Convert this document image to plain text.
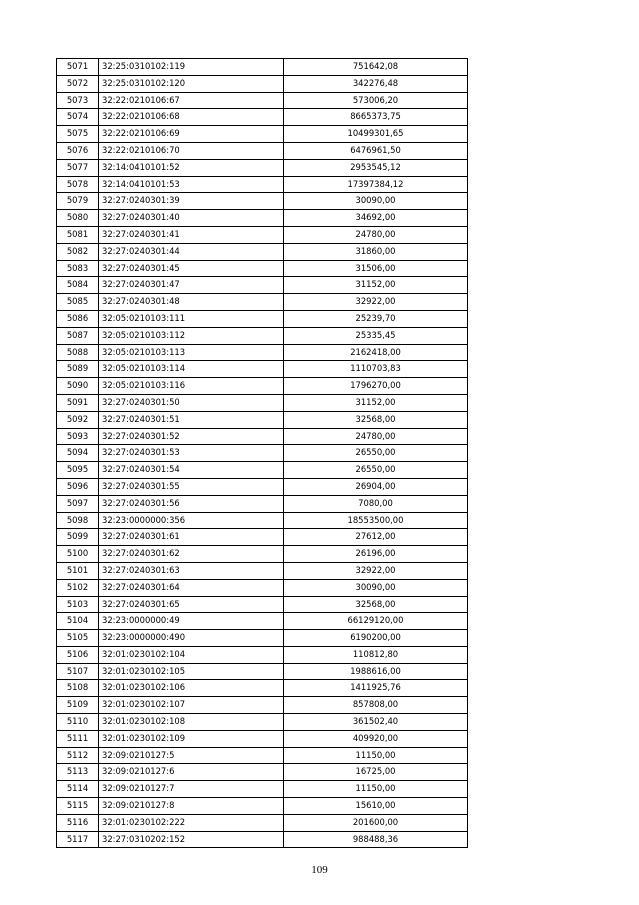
5071	32:25:0310102:119	751642,08
5072	32:25:0310102:120	342276,48
5073	32:22:0210106:67	573006,20
5074	32:22:0210106:68	8665373,75
5075	32:22:0210106:69	10499301,65
5076	32:22:0210106:70	6476961,50
5077	32:14:0410101:52	2953545,12
5078	32:14:0410101:53	17397384,12
5079	32:27:0240301:39	30090,00
5080	32:27:0240301:40	34692,00
5081	32:27:0240301:41	24780,00
5082	32:27:0240301:44	31860,00
5083	32:27:0240301:45	31506,00
5084	32:27:0240301:47	31152,00
5085	32:27:0240301:48	32922,00
5086	32:05:0210103:111	25239,70
5087	32:05:0210103:112	25335,45
5088	32:05:0210103:113	2162418,00
5089	32:05:0210103:114	1110703,83
5090	32:05:0210103:116	1796270,00
5091	32:27:0240301:50	31152,00
5092	32:27:0240301:51	32568,00
5093	32:27:0240301:52	24780,00
5094	32:27:0240301:53	26550,00
5095	32:27:0240301:54	26550,00
5096	32:27:0240301:55	26904,00
5097	32:27:0240301:56	7080,00
5098	32:23:0000000:356	18553500,00
5099	32:27:0240301:61	27612,00
5100	32:27:0240301:62	26196,00
5101	32:27:0240301:63	32922,00
5102	32:27:0240301:64	30090,00
5103	32:27:0240301:65	32568,00
5104	32:23:0000000:49	66129120,00
5105	32:23:0000000:490	6190200,00
5106	32:01:0230102:104	110812,80
5107	32:01:0230102:105	1988616,00
5108	32:01:0230102:106	1411925,76
5109	32:01:0230102:107	857808,00
5110	32:01:0230102:108	361502,40
5111	32:01:0230102:109	409920,00
5112	32:09:0210127:5	11150,00
5113	32:09:0210127:6	16725,00
5114	32:09:0210127:7	11150,00
5115	32:09:0210127:8	15610,00
5116	32:01:0230102:222	201600,00
5117	32:27:0310202:152	988488,36
109
